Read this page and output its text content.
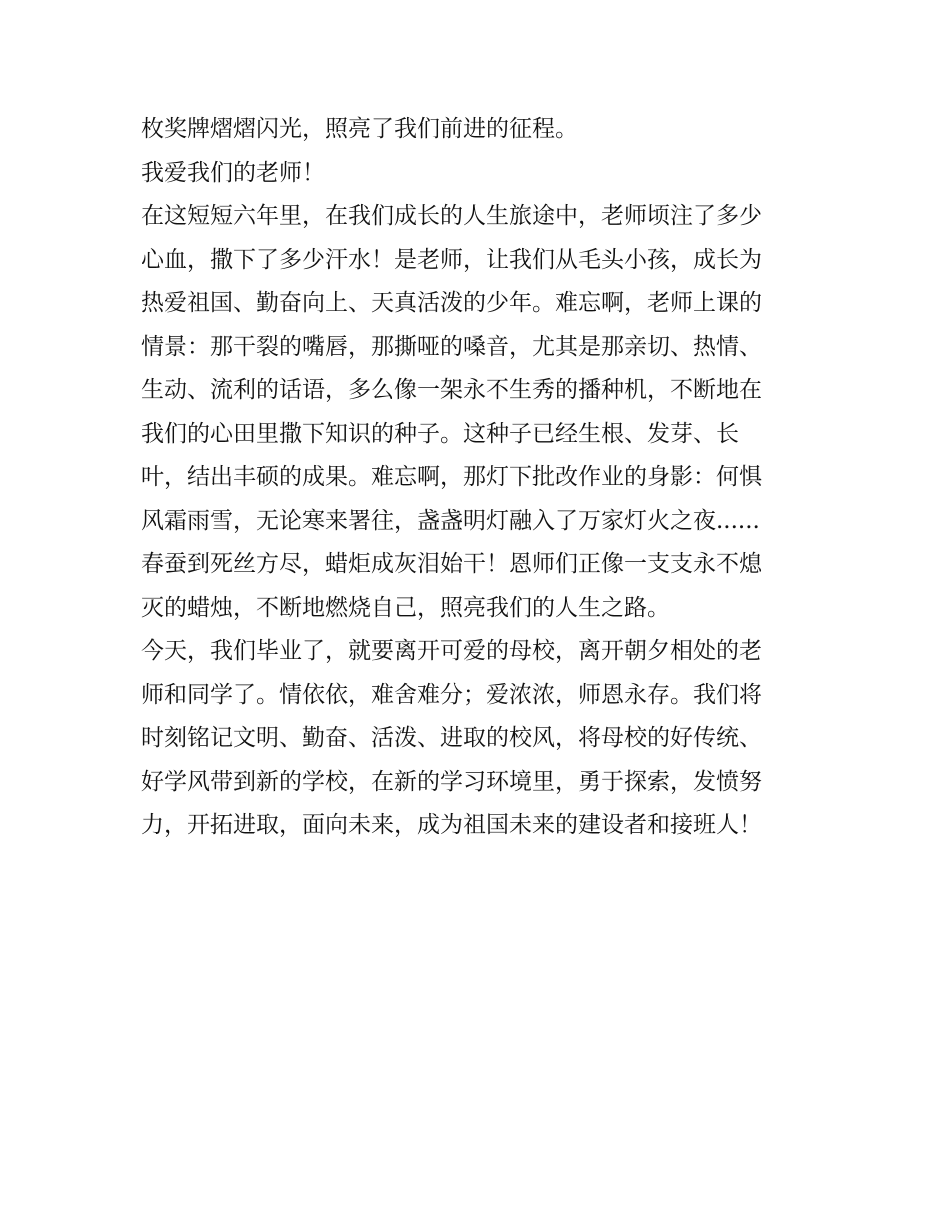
枚奖牌熠熠闪光，照亮了我们前进的征程。
我爱我们的老师！
在这短短六年里，在我们成长的人生旅途中，老师顷注了多少
心血，撒下了多少汗水！是老师，让我们从毛头小孩，成长为
热爱祖国、勤奋向上、天真活泼的少年。难忘啊，老师上课的
情景：那干裂的嘴唇，那撕哑的嗓音，尤其是那亲切、热情、
生动、流利的话语，多么像一架永不生秀的播种机，不断地在
我们的心田里撒下知识的种子。这种子已经生根、发芽、长
叶，结出丰硕的成果。难忘啊，那灯下批改作业的身影：何惧
风霜雨雪，无论寒来署往，盏盏明灯融入了万家灯火之夜......
春蚕到死丝方尽，蜡炬成灰泪始干！恩师们正像一支支永不熄
灭的蜡烛，不断地燃烧自己，照亮我们的人生之路。
今天，我们毕业了，就要离开可爱的母校，离开朝夕相处的老
师和同学了。情依依，难舍难分；爱浓浓，师恩永存。我们将
时刻铭记文明、勤奋、活泼、进取的校风，将母校的好传统、
好学风带到新的学校，在新的学习环境里，勇于探索，发愤努
力，开拓进取，面向未来，成为祖国未来的建设者和接班人！
